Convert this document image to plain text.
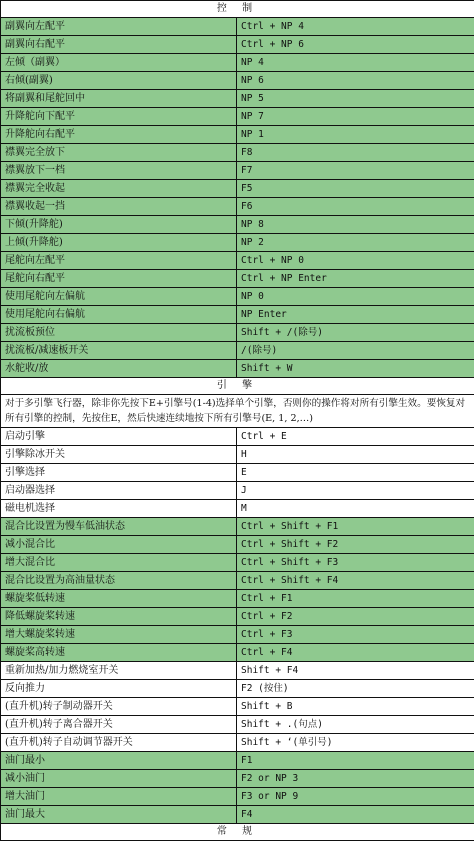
控 制	
副翼向左配平	Ctrl + NP 4
副翼向右配平	Ctrl + NP 6
左倾（副翼）	NP 4
右倾(副翼)	NP 6
将副翼和尾舵回中	NP 5
升降舵向下配平	NP 7
升降舵向右配平	NP 1
襟翼完全放下	F8
襟翼放下一档	F7
襟翼完全收起	F5
襟翼收起一挡	F6
下倾(升降舵)	NP 8
上倾(升降舵)	NP 2
尾舵向左配平	Ctrl + NP 0
尾舵向右配平	Ctrl + NP Enter
使用尾舵向左偏航	NP 0
使用尾舵向右偏航	NP Enter
扰流板预位	Shift + /(除号)
扰流板/减速板开关	/(除号)
水舵收/放	Shift + W
引 擎	
对于多引擎飞行器，除非你先按下E+引擎号(1-4)选择单个引擎，否则你的操作将对所有引擎生效。要恢复对所有引擎的控制，先按住E，然后快速连续地按下所有引擎号(E, 1, 2,…)	
启动引擎	Ctrl + E
引擎除冰开关	H
引擎选择	E
启动器选择	J
磁电机选择	M
混合比设置为慢车低油状态	Ctrl + Shift + F1
减小混合比	Ctrl + Shift + F2
增大混合比	Ctrl + Shift + F3
混合比设置为高油量状态	Ctrl + Shift + F4
螺旋桨低转速	Ctrl + F1
降低螺旋桨转速	Ctrl + F2
增大螺旋桨转速	Ctrl + F3
螺旋桨高转速	Ctrl + F4
重新加热/加力燃烧室开关	Shift + F4
反向推力	F2 (按住)
(直升机)转子制动器开关	Shift + B
(直升机)转子离合器开关	Shift + .(句点)
(直升机)转子自动调节器开关	Shift + ‘(单引号)
油门最小	F1
减小油门	F2 or NP 3
增大油门	F3 or NP 9
油门最大	F4
常 规	
